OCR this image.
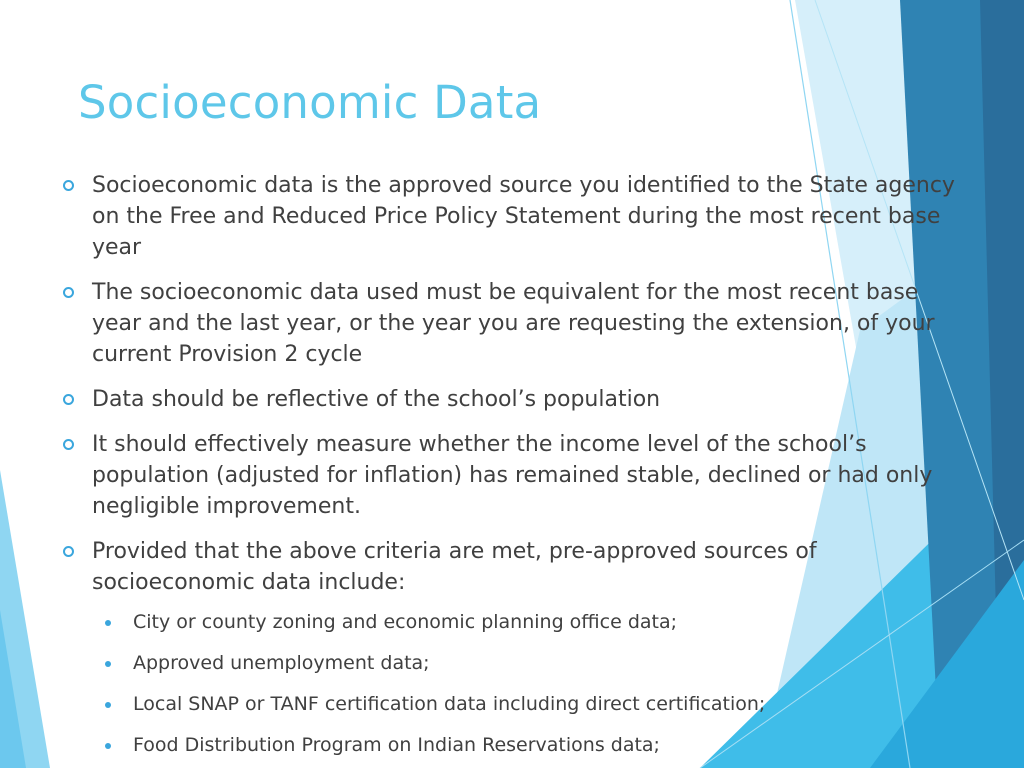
Socioeconomic Data
Socioeconomic data is the approved source you identified to the State agency on the Free and Reduced Price Policy Statement during the most recent base year
The socioeconomic data used must be equivalent for the most recent base year and the last year, or the year you are requesting the extension, of your current Provision 2 cycle
Data should be reflective of the school’s population
It should effectively measure whether the income level of the school’s population (adjusted for inflation) has remained stable, declined or had only negligible improvement.
Provided that the above criteria are met, pre-approved sources of socioeconomic data include:
City or county zoning and economic planning office data;
Approved unemployment data;
Local SNAP or TANF certification data including direct certification;
Food Distribution Program on Indian Reservations data;
